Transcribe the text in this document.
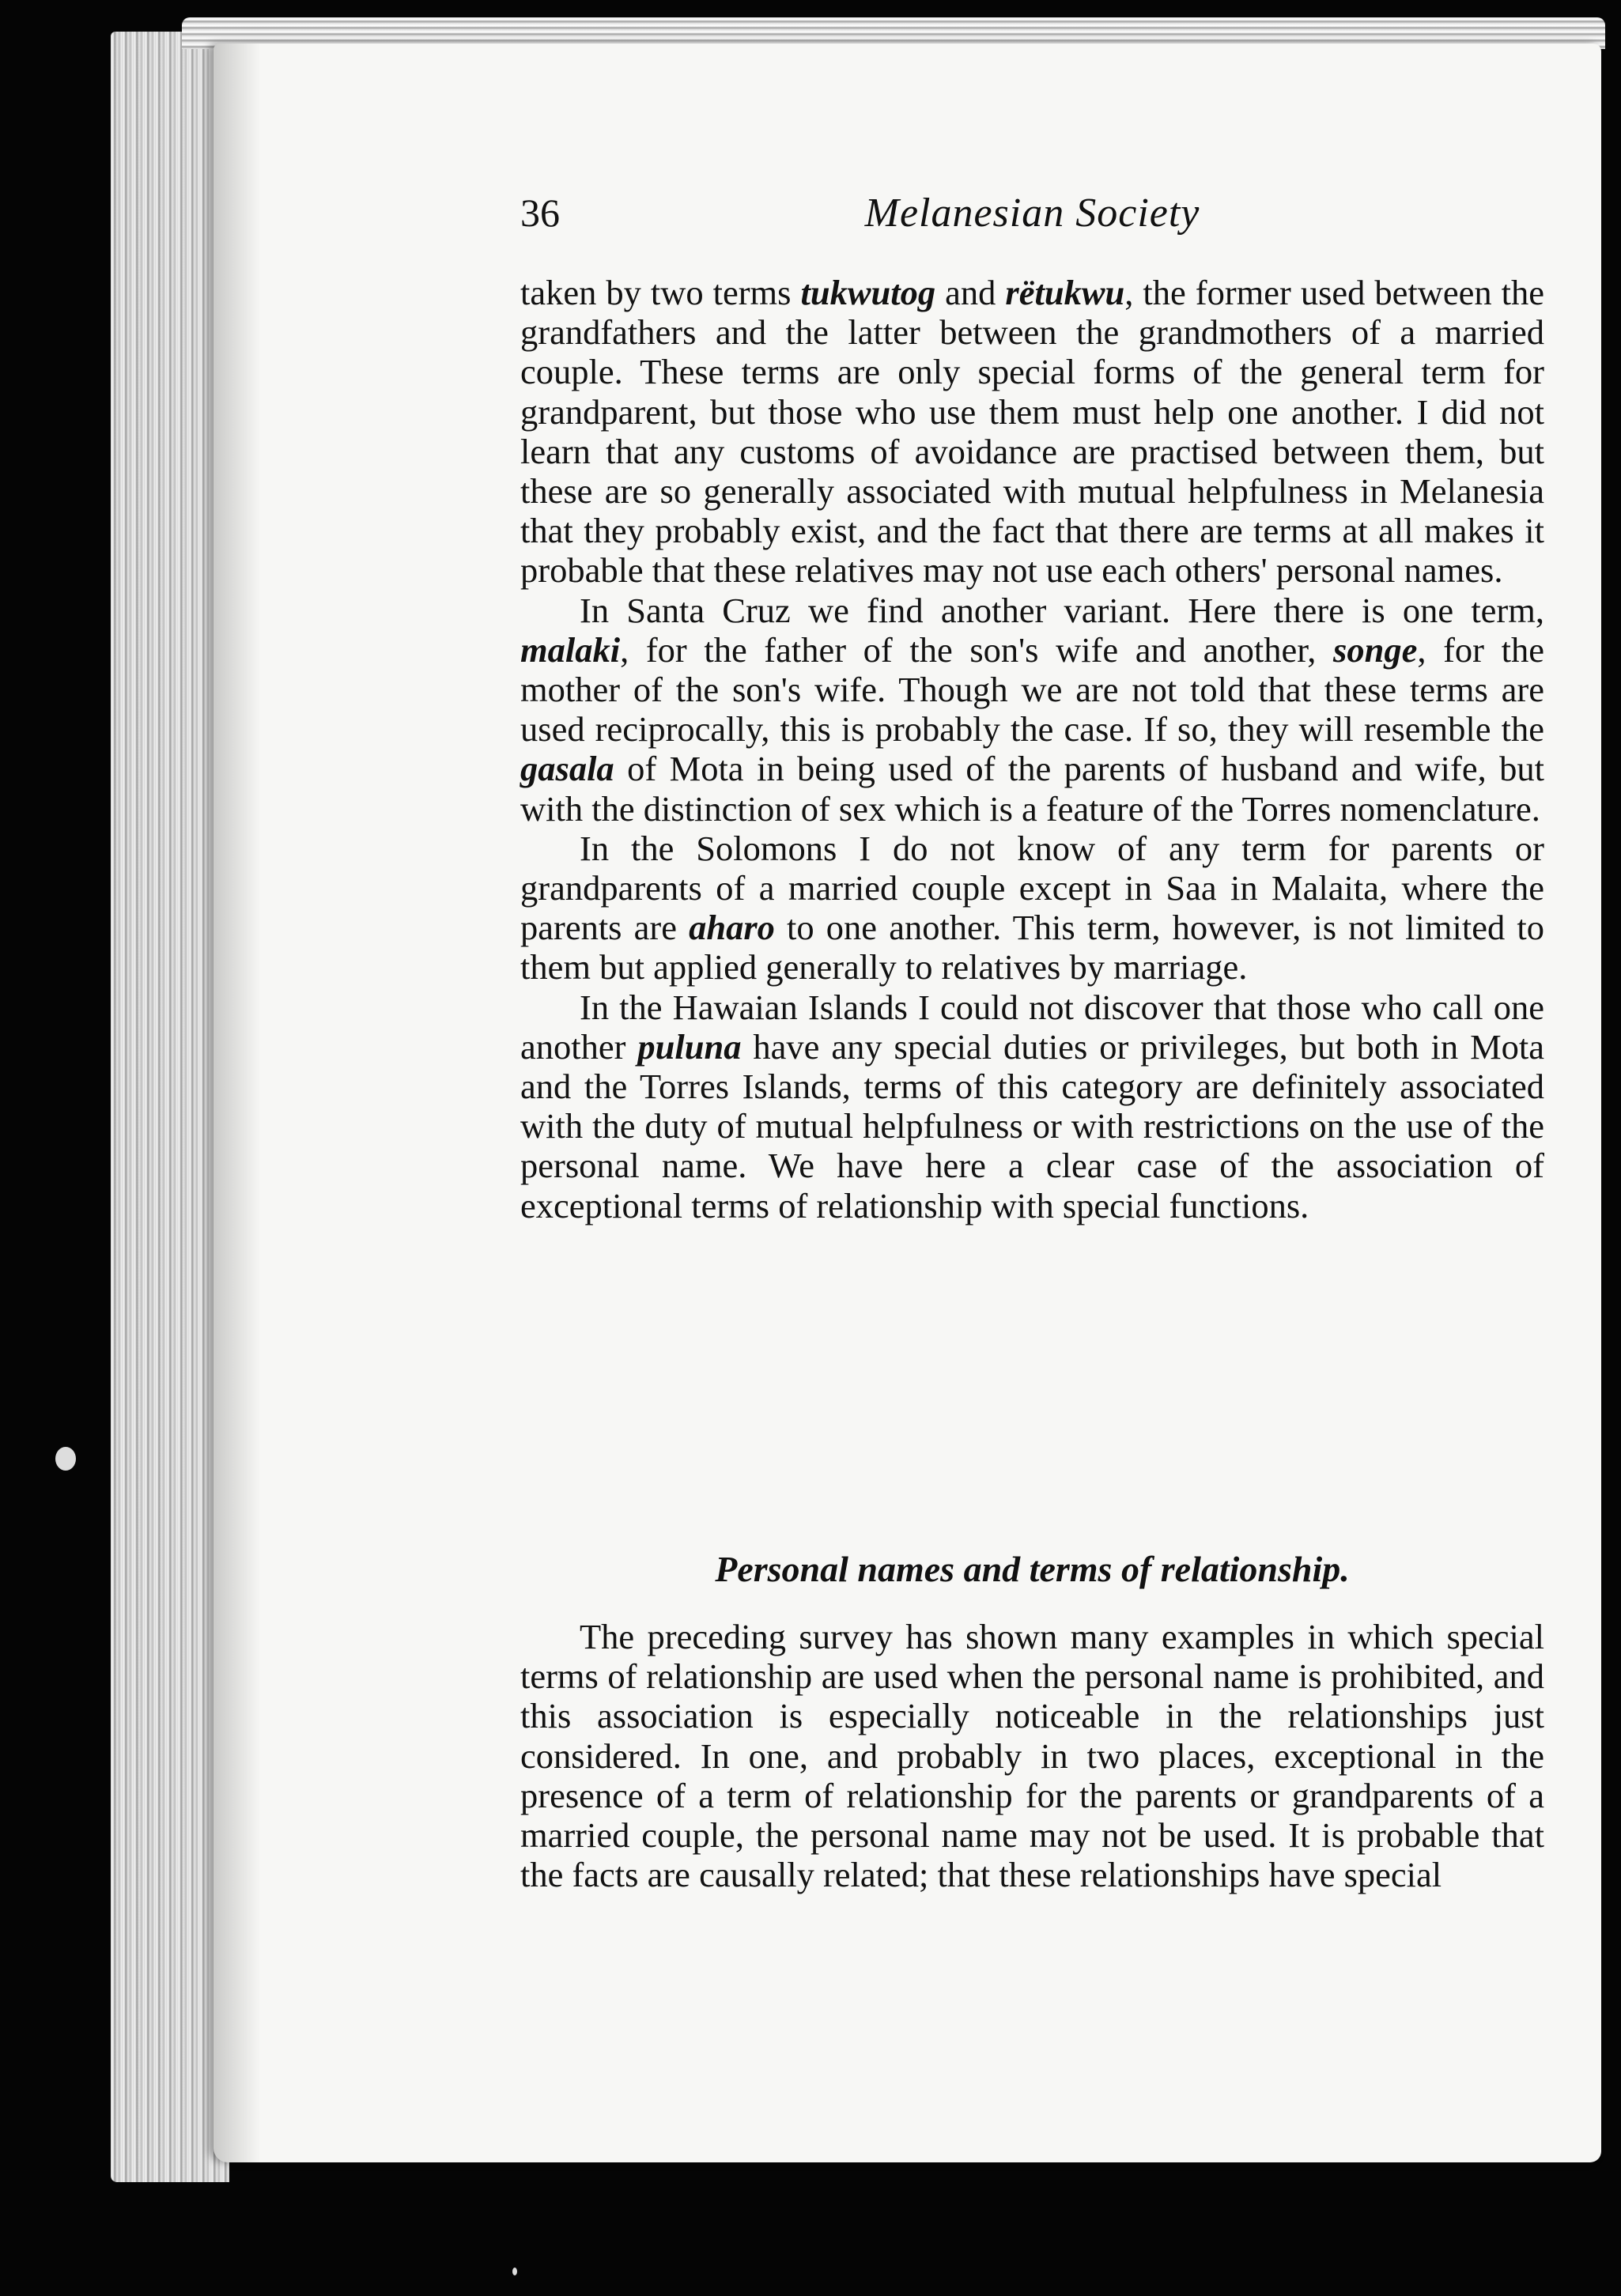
36	Melanesian Society

taken by two terms tukwutog and rëtukwu, the former used between the grandfathers and the latter between the grandmothers of a married couple. These terms are only special forms of the general term for grandparent, but those who use them must help one another. I did not learn that any customs of avoidance are practised between them, but these are so generally associated with mutual helpfulness in Melanesia that they probably exist, and the fact that there are terms at all makes it probable that these relatives may not use each others' personal names.

In Santa Cruz we find another variant. Here there is one term, malaki, for the father of the son's wife and another, songe, for the mother of the son's wife. Though we are not told that these terms are used reciprocally, this is probably the case. If so, they will resemble the gasala of Mota in being used of the parents of husband and wife, but with the distinction of sex which is a feature of the Torres nomenclature.

In the Solomons I do not know of any term for parents or grandparents of a married couple except in Saa in Malaita, where the parents are aharo to one another. This term, however, is not limited to them but applied generally to relatives by marriage.

In the Hawaian Islands I could not discover that those who call one another puluna have any special duties or privileges, but both in Mota and the Torres Islands, terms of this category are definitely associated with the duty of mutual helpfulness or with restrictions on the use of the personal name. We have here a clear case of the association of exceptional terms of relationship with special functions.

Personal names and terms of relationship.

The preceding survey has shown many examples in which special terms of relationship are used when the personal name is prohibited, and this association is especially noticeable in the relationships just considered. In one, and probably in two places, exceptional in the presence of a term of relationship for the parents or grandparents of a married couple, the personal name may not be used. It is probable that the facts are causally related; that these relationships have special
